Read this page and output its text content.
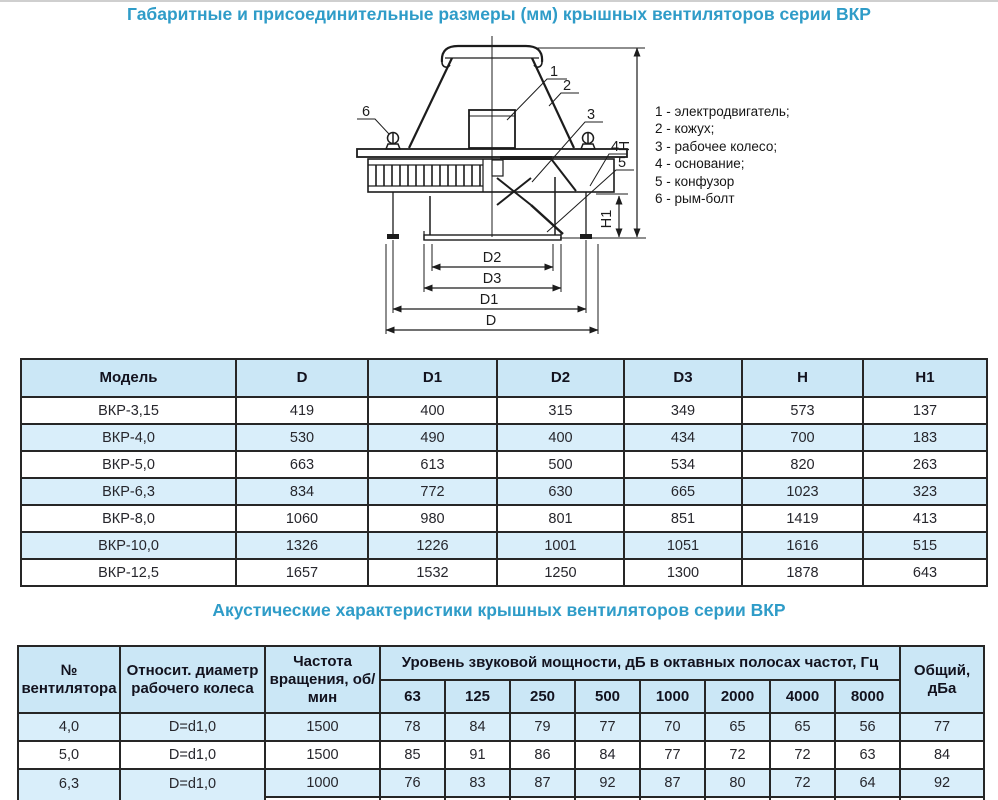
Габаритные и присоединительные размеры (мм) крышных вентиляторов серии ВКР
D2
D3
D1
D
H
H1
1
2
3
4
5
6	1 - электродвигатель;
2 - кожух;
3 - рабочее колесо;
4 - основание;
5 - конфузор
6 - рым-болт
Модель	D	D1	D2	D3	H	H1
ВКР-3,15	419	400	315	349	573	137
ВКР-4,0	530	490	400	434	700	183
ВКР-5,0	663	613	500	534	820	263
ВКР-6,3	834	772	630	665	1023	323
ВКР-8,0	1060	980	801	851	1419	413
ВКР-10,0	1326	1226	1001	1051	1616	515
ВКР-12,5	1657	1532	1250	1300	1878	643
Акустические характеристики крышных вентиляторов серии ВКР
№ вентилятора	Относит. диаметр рабочего колеса	Частота вращения, об/мин	Уровень звуковой мощности, дБ в октавных полосах частот, Гц								Общий, дБа
			63	125	250	500	1000	2000	4000	8000	
4,0	D=d1,0	1500	78	84	79	77	70	65	65	56	77
5,0	D=d1,0	1500	85	91	86	84	77	72	72	63	84
6,3	D=d1,0	1000	76	83	87	92	87	80	72	64	92
